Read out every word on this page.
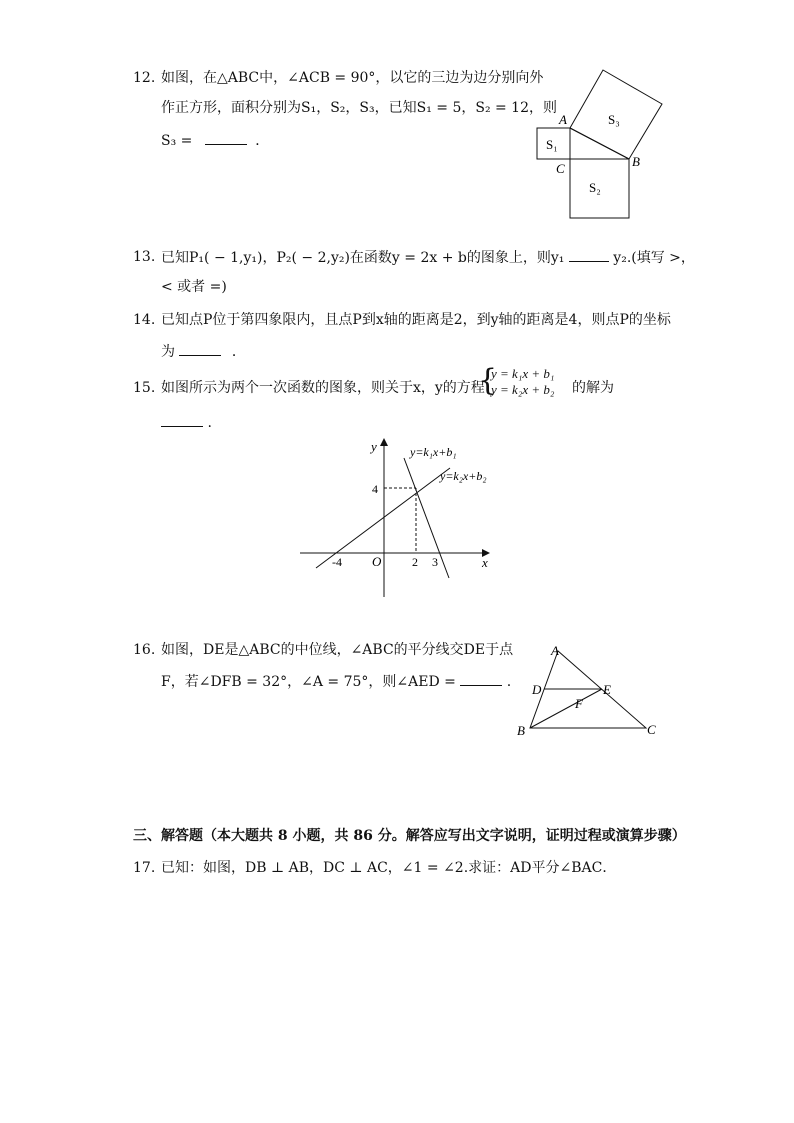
12. 如图，在△ABC中，∠ACB = 90°，以它的三边为边分别向外
作正方形，面积分别为S₁，S₂，S₃，已知S₁ = 5，S₂ = 12，则
S₃ =	．
A
B
C
S₁
S₂
S₃
13. 已知P₁( − 1,y₁)，P₂( − 2,y₂)在函数y = 2x + b的图象上，则y₁	y₂.(填写 >，
< 或者 =)
14. 已知点P位于第四象限内，且点P到x轴的距离是2，到y轴的距离是4，则点P的坐标
为	．
15. 如图所示为两个一次函数的图象，则关于x，y的方程
{
y = k₁x + b₁
y = k₂x + b₂ 的解为
.
y
x
O
-4	2 3
4
y=k₁x+b₁
y=k₂x+b₂
16. 如图，DE是△ABC的中位线，∠ABC的平分线交DE于点
F，若∠DFB = 32°，∠A = 75°，则∠AED =	.
A
B	C
D	E
F
三、解答题（本大题共 8 小题，共 86 分。解答应写出文字说明，证明过程或演算步骤）
17. 已知：如图，DB ⊥ AB，DC ⊥ AC，∠1 = ∠2.求证：AD平分∠BAC．
